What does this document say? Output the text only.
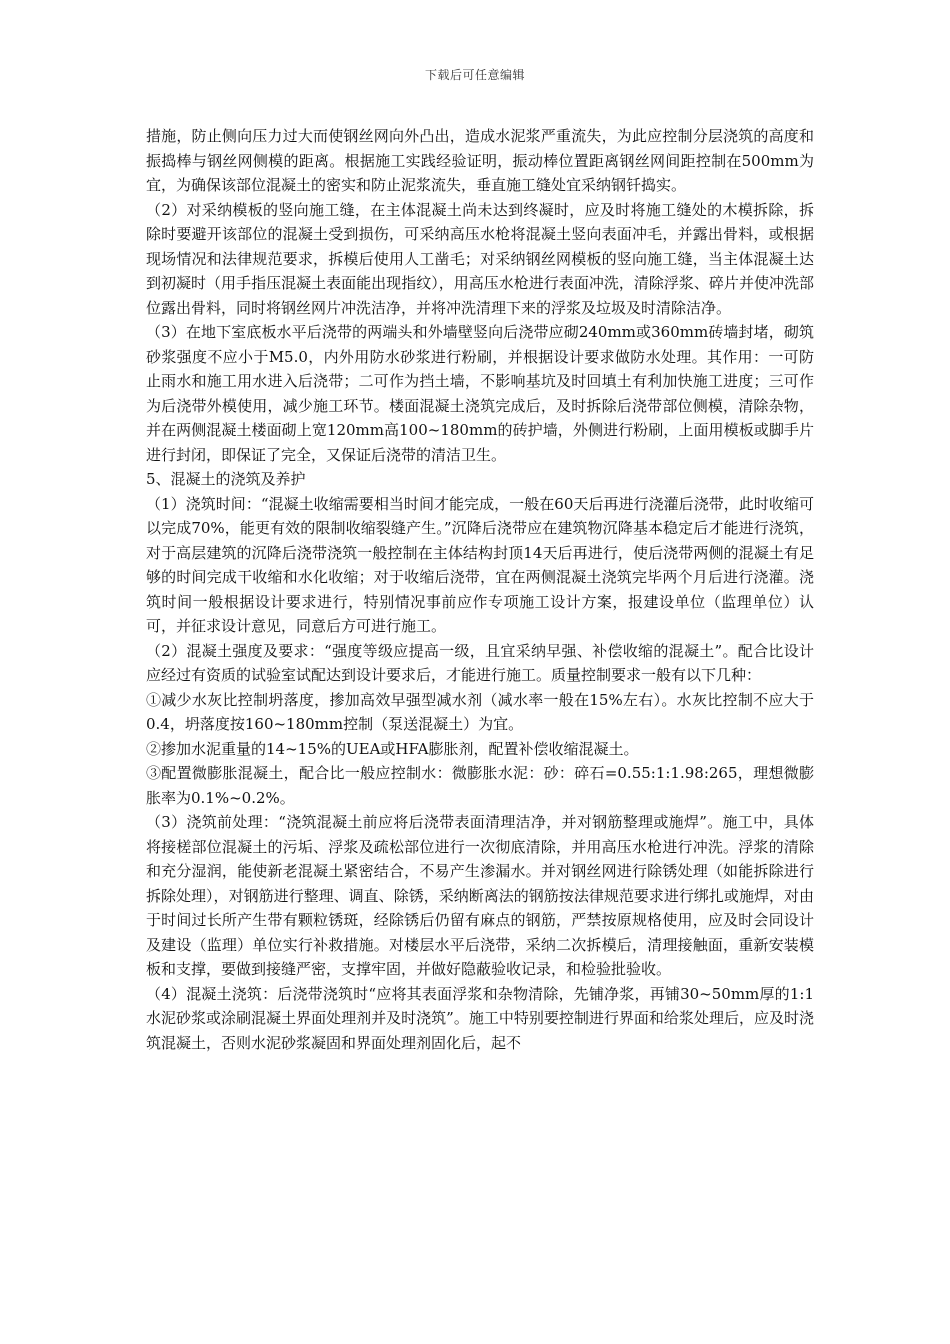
下载后可任意编辑

措施，防止侧向压力过大而使钢丝网向外凸出，造成水泥浆严重流失，为此应控制分层浇筑的高度和振捣棒与钢丝网侧模的距离。根据施工实践经验证明，振动棒位置距离钢丝网间距控制在500mm为宜，为确保该部位混凝土的密实和防止泥浆流失，垂直施工缝处宜采纳钢钎捣实。

（2）对采纳模板的竖向施工缝，在主体混凝土尚未达到终凝时，应及时将施工缝处的木模拆除，拆除时要避开该部位的混凝土受到损伤，可采纳高压水枪将混凝土竖向表面冲毛，并露出骨料，或根据现场情况和法律规范要求，拆模后使用人工凿毛；对采纳钢丝网模板的竖向施工缝，当主体混凝土达到初凝时（用手指压混凝土表面能出现指纹），用高压水枪进行表面冲洗，清除浮浆、碎片并使冲洗部位露出骨料，同时将钢丝网片冲洗洁净，并将冲洗清理下来的浮浆及垃圾及时清除洁净。

（3）在地下室底板水平后浇带的两端头和外墙壁竖向后浇带应砌240mm或360mm砖墙封堵，砌筑砂浆强度不应小于M5.0，内外用防水砂浆进行粉刷，并根据设计要求做防水处理。其作用：一可防止雨水和施工用水进入后浇带；二可作为挡土墙，不影响基坑及时回填土有利加快施工进度；三可作为后浇带外模使用，减少施工环节。楼面混凝土浇筑完成后，及时拆除后浇带部位侧模，清除杂物，并在两侧混凝土楼面砌上宽120mm高100~180mm的砖护墙，外侧进行粉刷，上面用模板或脚手片进行封闭，即保证了完全，又保证后浇带的清洁卫生。

5、混凝土的浇筑及养护

（1）浇筑时间：“混凝土收缩需要相当时间才能完成，一般在60天后再进行浇灌后浇带，此时收缩可以完成70%，能更有效的限制收缩裂缝产生。”沉降后浇带应在建筑物沉降基本稳定后才能进行浇筑，对于高层建筑的沉降后浇带浇筑一般控制在主体结构封顶14天后再进行，使后浇带两侧的混凝土有足够的时间完成干收缩和水化收缩；对于收缩后浇带，宜在两侧混凝土浇筑完毕两个月后进行浇灌。浇筑时间一般根据设计要求进行，特别情况事前应作专项施工设计方案，报建设单位（监理单位）认可，并征求设计意见，同意后方可进行施工。

（2）混凝土强度及要求：“强度等级应提高一级，且宜采纳早强、补偿收缩的混凝土”。配合比设计应经过有资质的试验室试配达到设计要求后，才能进行施工。质量控制要求一般有以下几种：

①减少水灰比控制坍落度，掺加高效早强型减水剂（减水率一般在15%左右）。水灰比控制不应大于0.4，坍落度按160~180mm控制（泵送混凝土）为宜。

②掺加水泥重量的14~15%的UEA或HFA膨胀剂，配置补偿收缩混凝土。

③配置微膨胀混凝土，配合比一般应控制水：微膨胀水泥：砂：碎石=0.55:1:1.98:265，理想微膨胀率为0.1%~0.2%。

（3）浇筑前处理：“浇筑混凝土前应将后浇带表面清理洁净，并对钢筋整理或施焊”。施工中，具体将接槎部位混凝土的污垢、浮浆及疏松部位进行一次彻底清除，并用高压水枪进行冲洗。浮浆的清除和充分湿润，能使新老混凝土紧密结合，不易产生渗漏水。并对钢丝网进行除锈处理（如能拆除进行拆除处理），对钢筋进行整理、调直、除锈，采纳断离法的钢筋按法律规范要求进行绑扎或施焊，对由于时间过长所产生带有颗粒锈斑，经除锈后仍留有麻点的钢筋，严禁按原规格使用，应及时会同设计及建设（监理）单位实行补救措施。对楼层水平后浇带，采纳二次拆模后，清理接触面，重新安装模板和支撑，要做到接缝严密，支撑牢固，并做好隐蔽验收记录，和检验批验收。

（4）混凝土浇筑：后浇带浇筑时“应将其表面浮浆和杂物清除，先铺净浆，再铺30~50mm厚的1:1水泥砂浆或涂刷混凝土界面处理剂并及时浇筑”。施工中特别要控制进行界面和给浆处理后，应及时浇筑混凝土，否则水泥砂浆凝固和界面处理剂固化后，起不
